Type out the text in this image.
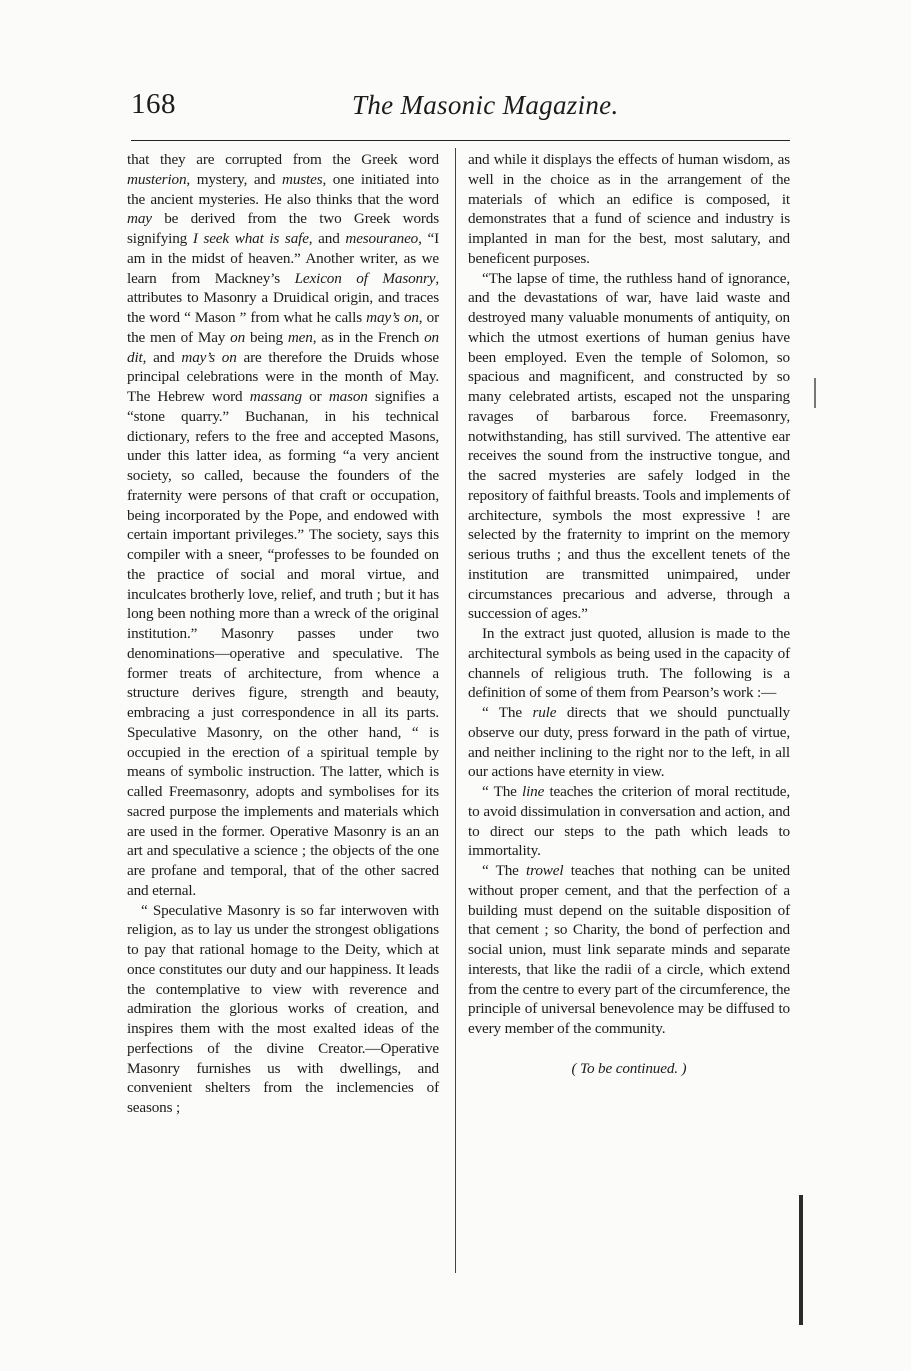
168	The Masonic Magazine.

that they are corrupted from the Greek word musterion, mystery, and mustes, one initiated into the ancient mysteries. He also thinks that the word may be derived from the two Greek words signifying I seek what is safe, and mesouraneo, “I am in the midst of heaven.” Another writer, as we learn from Mackney’s Lexicon of Masonry, attributes to Masonry a Druidical origin, and traces the word “ Mason ” from what he calls may’s on, or the men of May on being men, as in the French on dit, and may’s on are therefore the Druids whose principal celebrations were in the month of May. The Hebrew word massang or mason signifies a “stone quarry.” Buchanan, in his technical dictionary, refers to the free and accepted Masons, under this latter idea, as forming “a very ancient society, so called, because the founders of the fraternity were persons of that craft or occupation, being incorporated by the Pope, and endowed with certain important privileges.” The society, says this compiler with a sneer, “professes to be founded on the practice of social and moral virtue, and inculcates brotherly love, relief, and truth ; but it has long been nothing more than a wreck of the original institution.” Masonry passes under two denominations—operative and speculative. The former treats of architecture, from whence a structure derives figure, strength and beauty, embracing a just correspondence in all its parts. Speculative Masonry, on the other hand, “ is occupied in the erection of a spiritual temple by means of symbolic instruction. The latter, which is called Freemasonry, adopts and symbolises for its sacred purpose the implements and materials which are used in the former. Operative Masonry is an an art and speculative a science ; the objects of the one are profane and temporal, that of the other sacred and eternal.

“ Speculative Masonry is so far interwoven with religion, as to lay us under the strongest obligations to pay that rational homage to the Deity, which at once constitutes our duty and our happiness. It leads the contemplative to view with reverence and admiration the glorious works of creation, and inspires them with the most exalted ideas of the perfections of the divine Creator.—Operative Masonry furnishes us with dwellings, and convenient shelters from the inclemencies of seasons ;

and while it displays the effects of human wisdom, as well in the choice as in the arrangement of the materials of which an edifice is composed, it demonstrates that a fund of science and industry is implanted in man for the best, most salutary, and beneficent purposes.

“The lapse of time, the ruthless hand of ignorance, and the devastations of war, have laid waste and destroyed many valuable monuments of antiquity, on which the utmost exertions of human genius have been employed. Even the temple of Solomon, so spacious and magnificent, and constructed by so many celebrated artists, escaped not the unsparing ravages of barbarous force. Freemasonry, notwithstanding, has still survived. The attentive ear receives the sound from the instructive tongue, and the sacred mysteries are safely lodged in the repository of faithful breasts. Tools and implements of architecture, symbols the most expressive ! are selected by the fraternity to imprint on the memory serious truths ; and thus the excellent tenets of the institution are transmitted unimpaired, under circumstances precarious and adverse, through a succession of ages.”

In the extract just quoted, allusion is made to the architectural symbols as being used in the capacity of channels of religious truth. The following is a definition of some of them from Pearson’s work :—

“ The rule directs that we should punctually observe our duty, press forward in the path of virtue, and neither inclining to the right nor to the left, in all our actions have eternity in view.

“ The line teaches the criterion of moral rectitude, to avoid dissimulation in conversation and action, and to direct our steps to the path which leads to immortality.

“ The trowel teaches that nothing can be united without proper cement, and that the perfection of a building must depend on the suitable disposition of that cement ; so Charity, the bond of perfection and social union, must link separate minds and separate interests, that like the radii of a circle, which extend from the centre to every part of the circumference, the principle of universal benevolence may be diffused to every member of the community.

( To be continued. )
